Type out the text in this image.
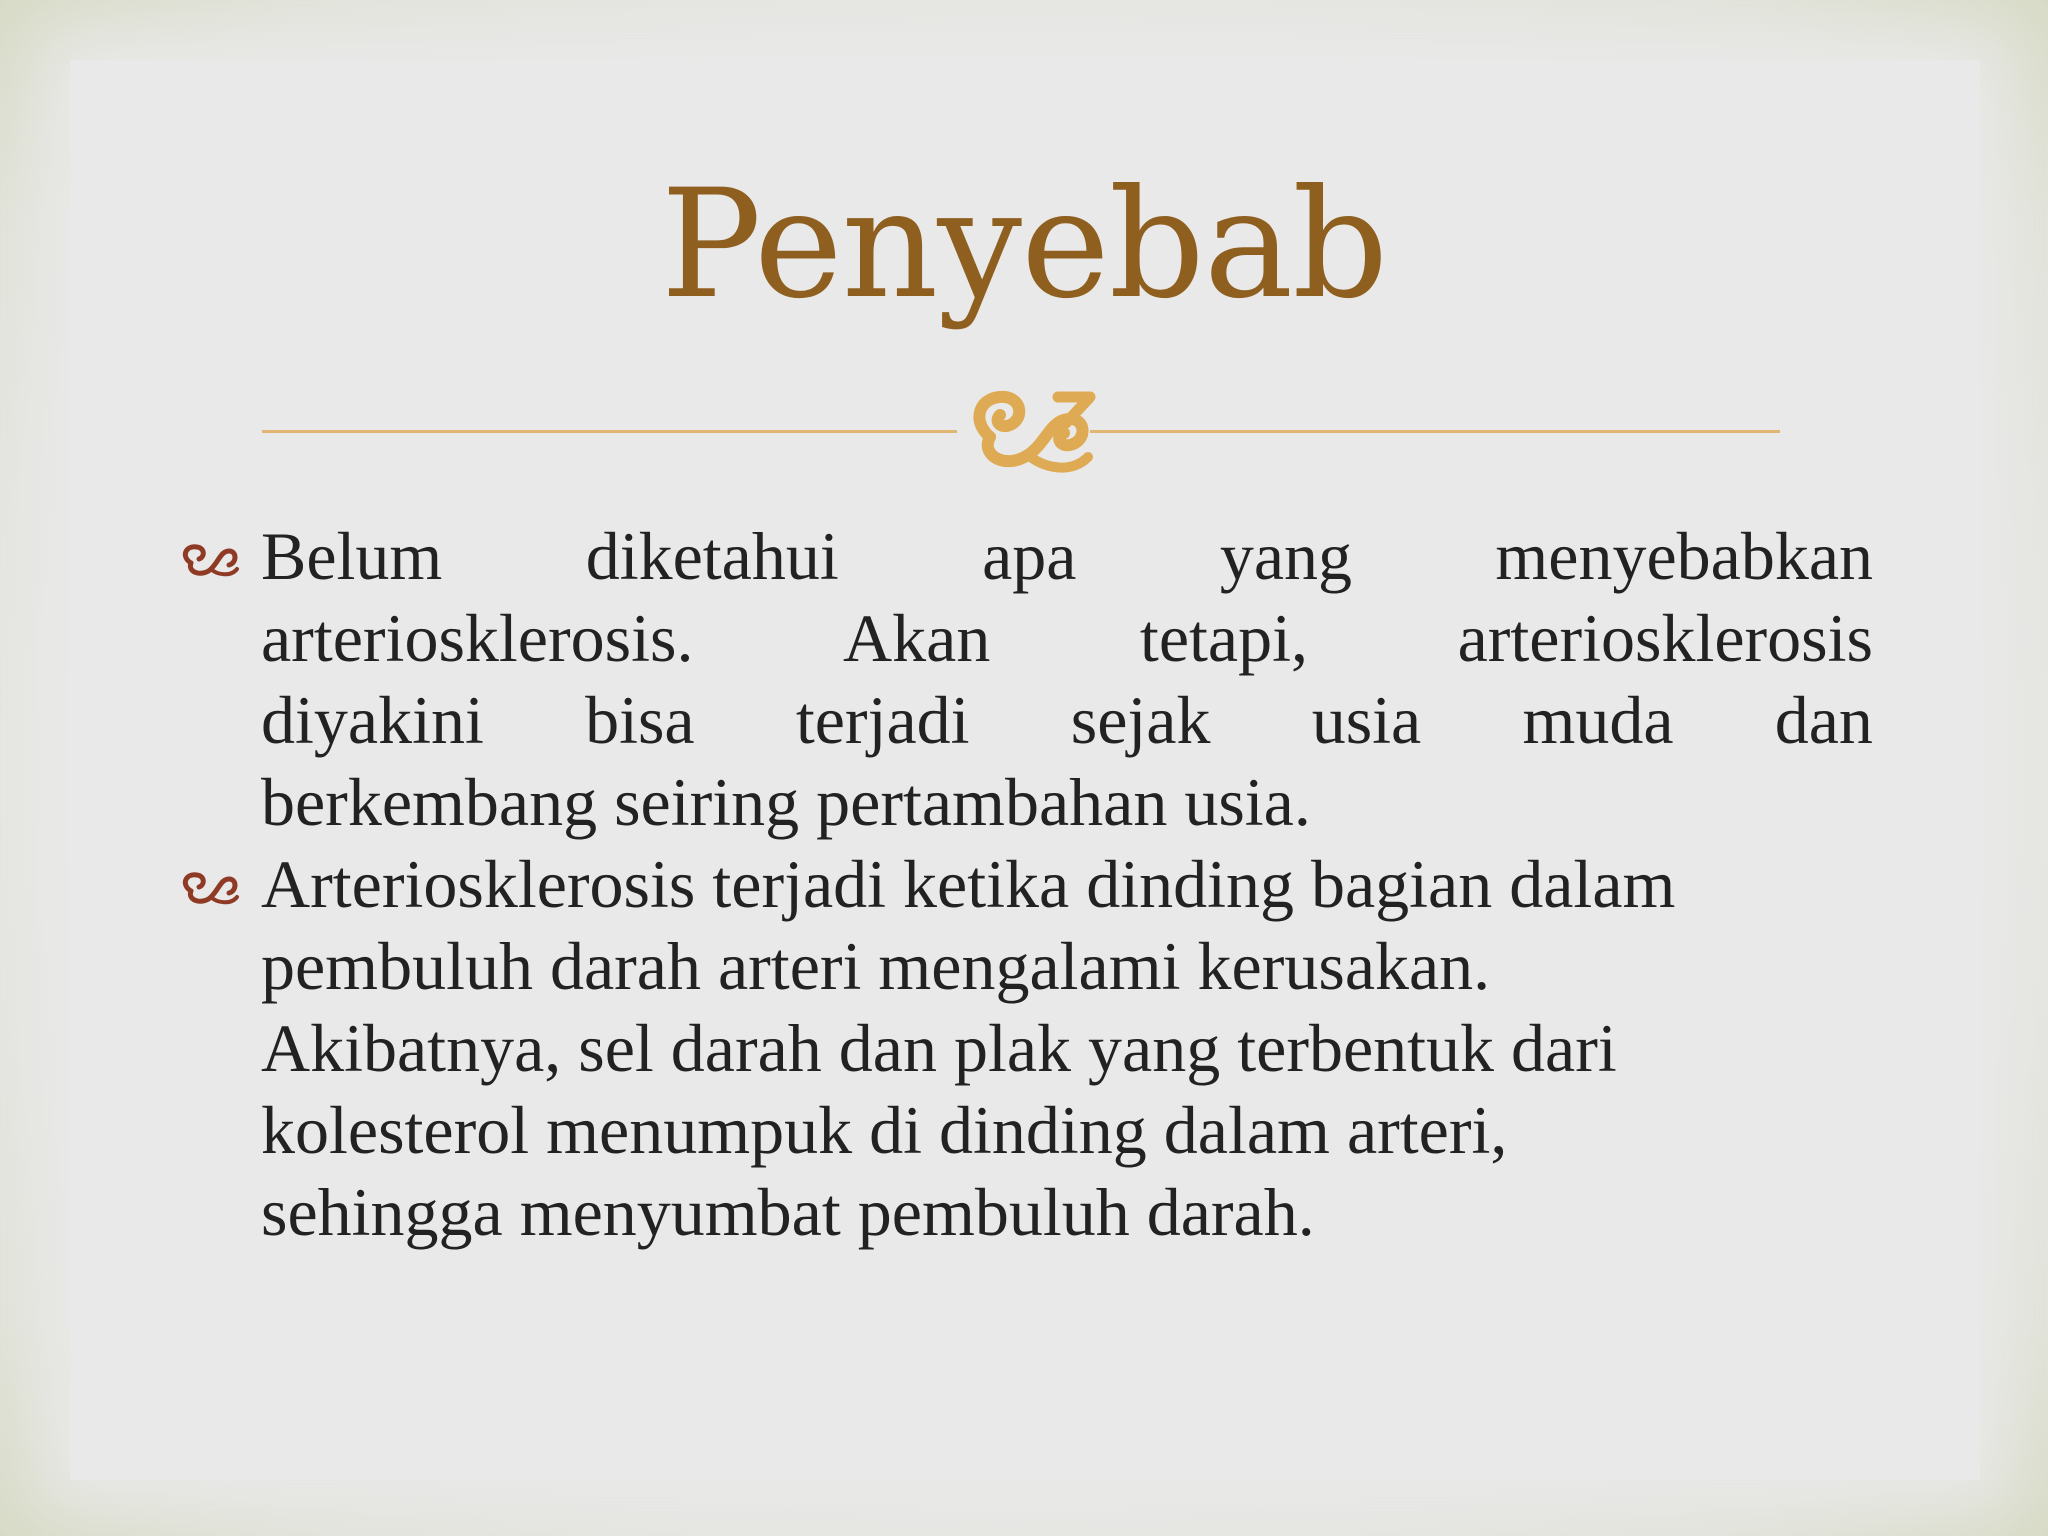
Penyebab
Belum diketahui apa yang menyebabkan
arteriosklerosis. Akan tetapi, arteriosklerosis
diyakini bisa terjadi sejak usia muda dan
berkembang seiring pertambahan usia.
Arteriosklerosis terjadi ketika dinding bagian dalam
pembuluh darah arteri mengalami kerusakan.
Akibatnya, sel darah dan plak yang terbentuk dari
kolesterol menumpuk di dinding dalam arteri,
sehingga menyumbat pembuluh darah.
